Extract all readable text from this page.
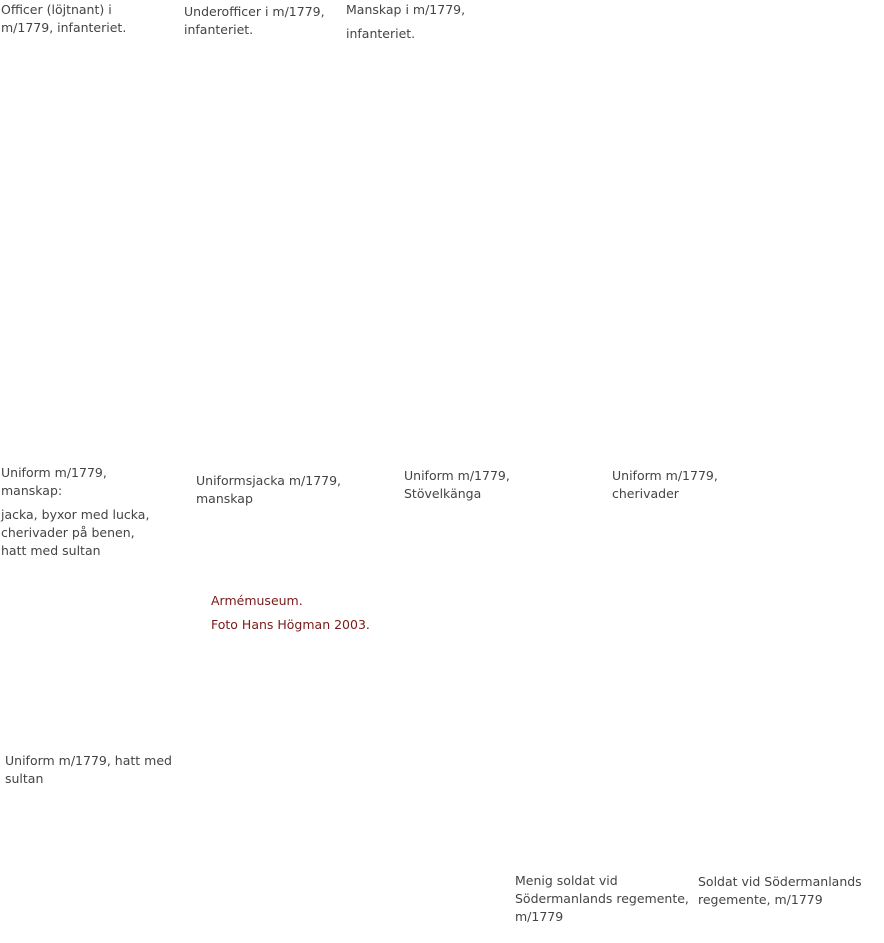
Officer (löjtnant) i m/1779, infanteriet.

Underofficer i m/1779, infanteriet.

Manskap i m/1779,

infanteriet.

Uniform m/1779, manskap:

jacka, byxor med lucka, cherivader på benen, hatt med sultan

Uniformsjacka m/1779, manskap

Uniform m/1779, Stövelkänga

Uniform m/1779, cherivader

Armémuseum.

Foto Hans Högman 2003.

Uniform m/1779, hatt med sultan

Menig soldat vid Södermanlands regemente, m/1779

Soldat vid Södermanlands regemente, m/1779
